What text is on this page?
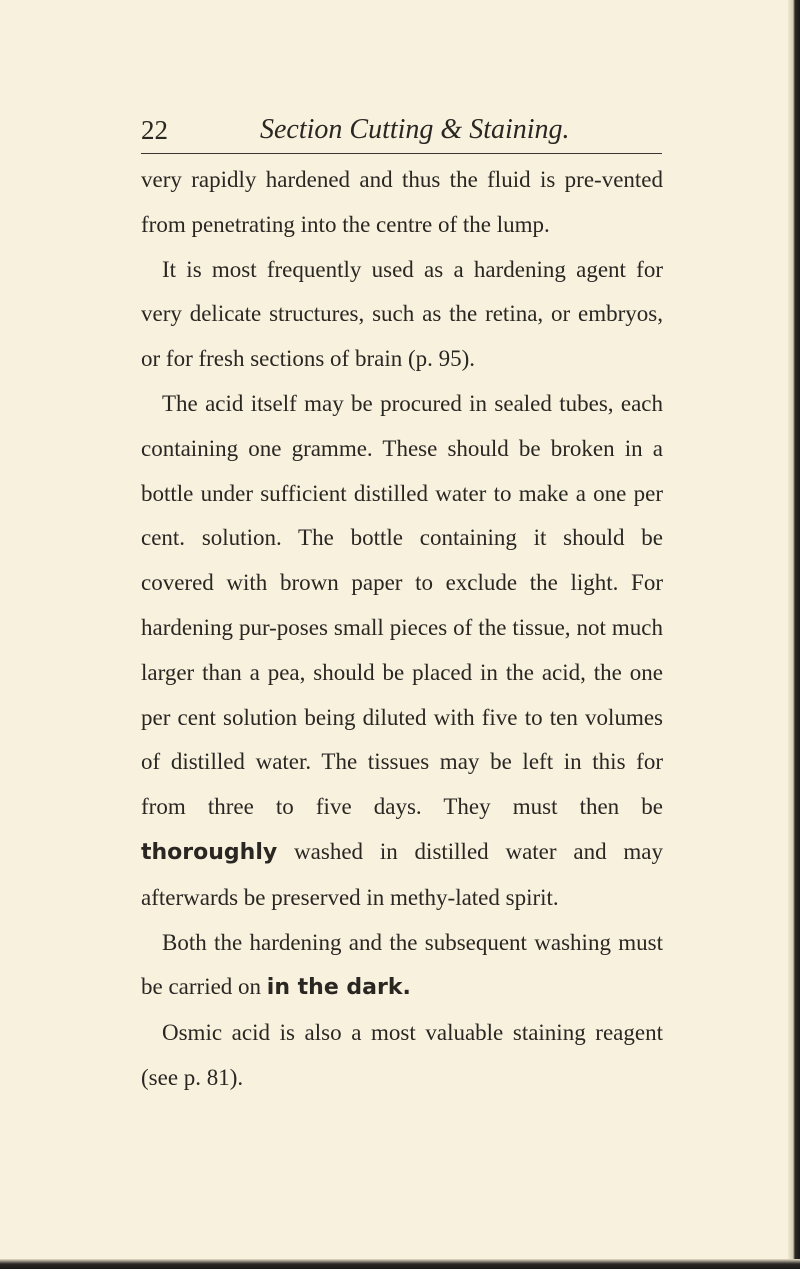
22	Section Cutting & Staining.

very rapidly hardened and thus the fluid is pre-vented from penetrating into the centre of the lump.

It is most frequently used as a hardening agent for very delicate structures, such as the retina, or embryos, or for fresh sections of brain (p. 95).

The acid itself may be procured in sealed tubes, each containing one gramme. These should be broken in a bottle under sufficient distilled water to make a one per cent. solution. The bottle containing it should be covered with brown paper to exclude the light. For hardening pur-poses small pieces of the tissue, not much larger than a pea, should be placed in the acid, the one per cent solution being diluted with five to ten volumes of distilled water. The tissues may be left in this for from three to five days. They must then be thoroughly washed in distilled water and may afterwards be preserved in methy-lated spirit.

Both the hardening and the subsequent washing must be carried on in the dark.

Osmic acid is also a most valuable staining reagent (see p. 81).
